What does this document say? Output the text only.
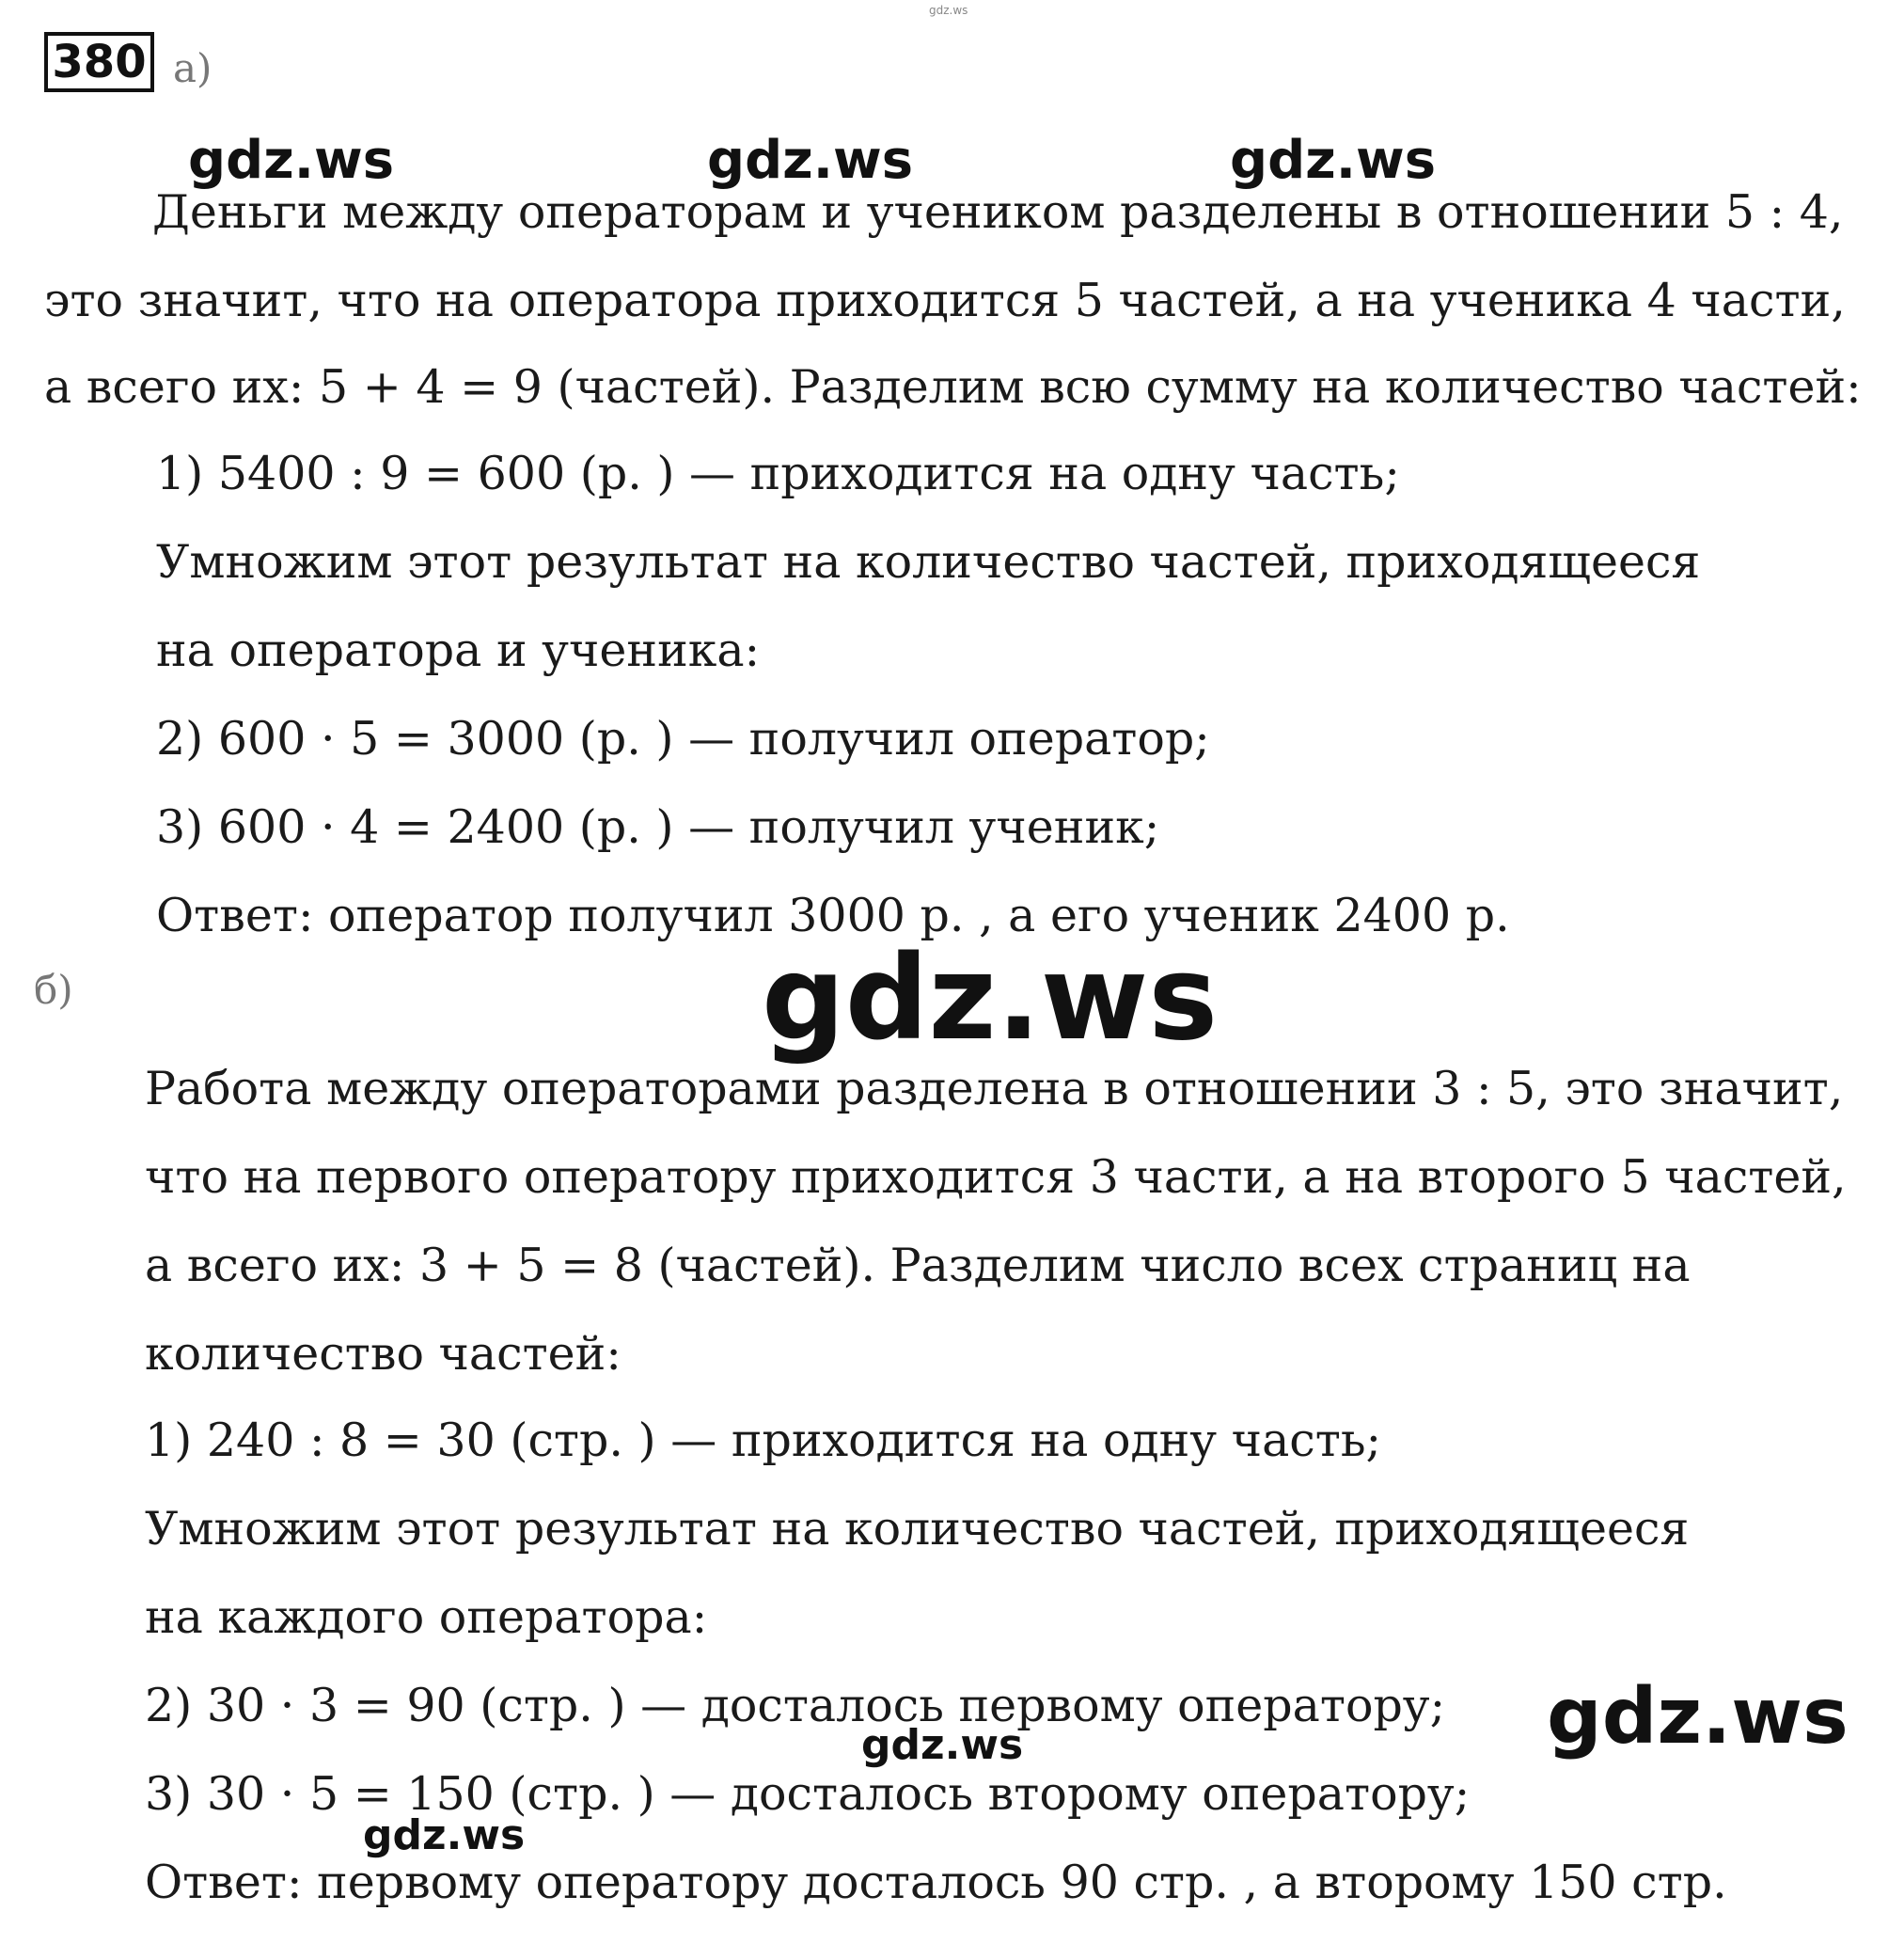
gdz.ws
380 а)
gdz.ws	gdz.ws	gdz.ws
Деньги между операторам и учеником разделены в отношении 5 : 4,
это значит, что на оператора приходится 5 частей, а на ученика 4 части,
а всего их: 5 + 4 = 9 (частей). Разделим всю сумму на количество частей:
1) 5400 : 9 = 600 (р. ) — приходится на одну часть;
Умножим этот результат на количество частей, приходящееся
на оператора и ученика:
2) 600 · 5 = 3000 (р. ) — получил оператор;
3) 600 · 4 = 2400 (р. ) — получил ученик;
Ответ: оператор получил 3000 р. , а его ученик 2400 р.
б)	gdz.ws
Работа между операторами разделена в отношении 3 : 5, это значит,
что на первого оператору приходится 3 части, а на второго 5 частей,
а всего их: 3 + 5 = 8 (частей). Разделим число всех страниц на
количество частей:
1) 240 : 8 = 30 (стр. ) — приходится на одну часть;
Умножим этот результат на количество частей, приходящееся
на каждого оператора:
2) 30 · 3 = 90 (стр. ) — досталось первому оператору;
3) 30 · 5 = 150 (стр. ) — досталось второму оператору;
Ответ: первому оператору досталось 90 стр. , а второму 150 стр.
gdz.ws
gdz.ws
gdz.ws
